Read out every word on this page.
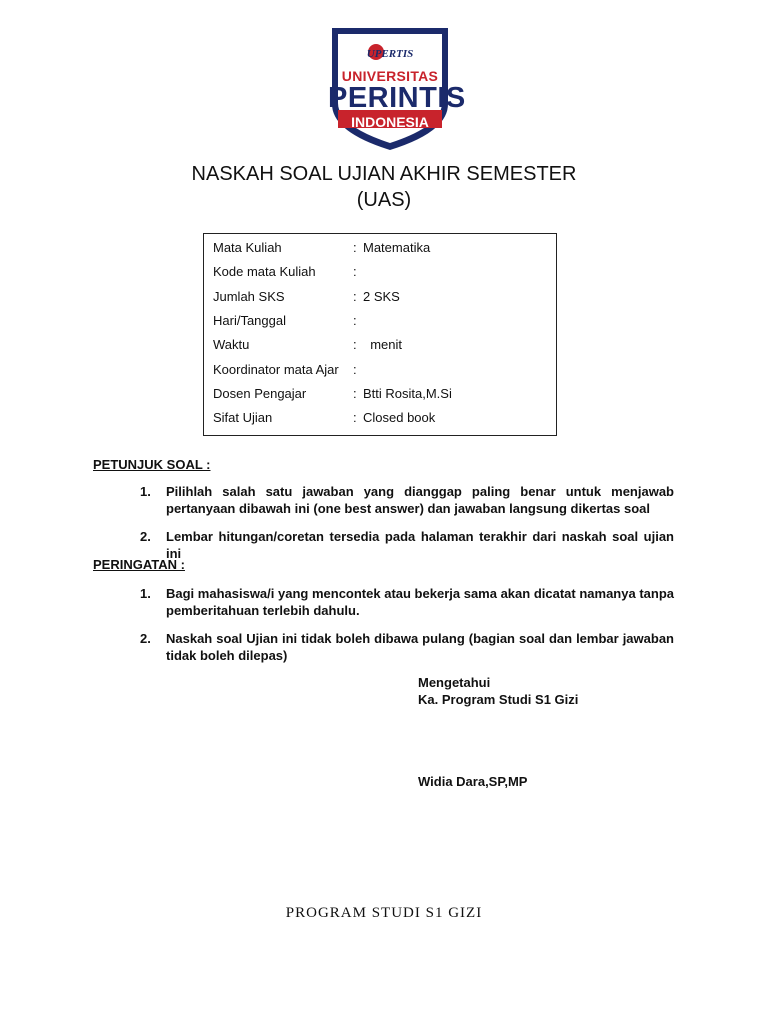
UPERTIS
UNIVERSITAS
PERINTIS
INDONESIA
NASKAH SOAL UJIAN AKHIR SEMESTER
(UAS)
Mata Kuliah	: Matematika
Kode mata Kuliah	:
Jumlah SKS	: 2 SKS
Hari/Tanggal	:
Waktu	: menit
Koordinator mata Ajar :
Dosen Pengajar	: Btti Rosita,M.Si
Sifat Ujian	: Closed book
PETUNJUK SOAL :
1. Pilihlah salah satu jawaban yang dianggap paling benar untuk menjawab pertanyaan dibawah ini (one best answer) dan jawaban langsung dikertas soal
2. Lembar hitungan/coretan tersedia pada halaman terakhir dari naskah soal ujian ini
PERINGATAN :
1. Bagi mahasiswa/i yang mencontek atau bekerja sama akan dicatat namanya tanpa pemberitahuan terlebih dahulu.
2. Naskah soal Ujian ini tidak boleh dibawa pulang (bagian soal dan lembar jawaban tidak boleh dilepas)
Mengetahui
Ka. Program Studi S1 Gizi
Widia Dara,SP,MP
PROGRAM STUDI S1 GIZI
